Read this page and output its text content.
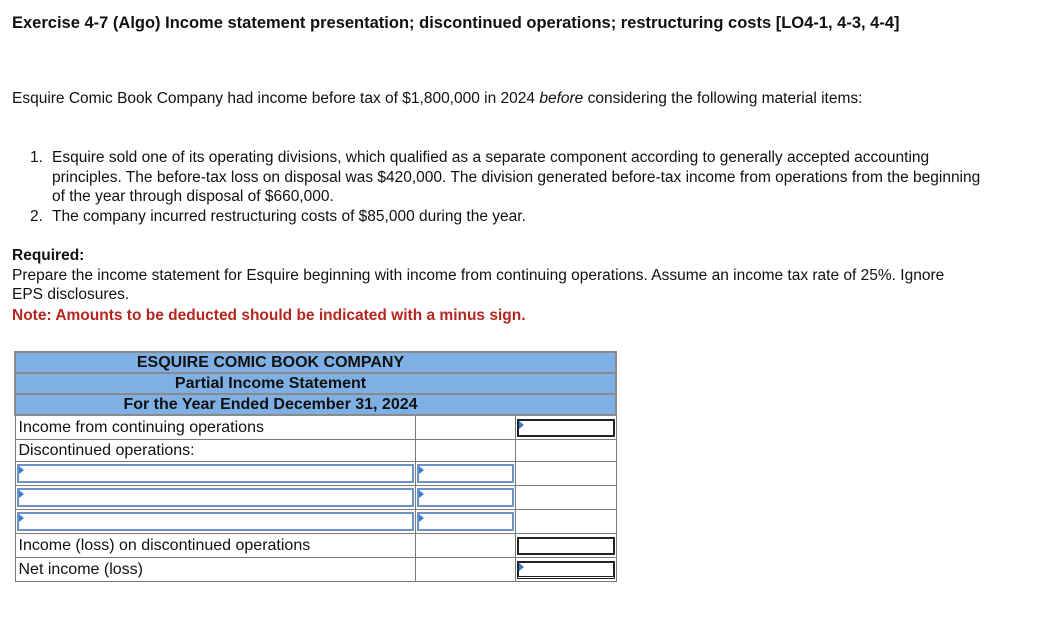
Exercise 4-7 (Algo) Income statement presentation; discontinued operations; restructuring costs [LO4-1, 4-3, 4-4]

Esquire Comic Book Company had income before tax of $1,800,000 in 2024 before considering the following material items:

1. Esquire sold one of its operating divisions, which qualified as a separate component according to generally accepted accounting principles. The before-tax loss on disposal was $420,000. The division generated before-tax income from operations from the beginning of the year through disposal of $660,000.
2. The company incurred restructuring costs of $85,000 during the year.

Required:
Prepare the income statement for Esquire beginning with income from continuing operations. Assume an income tax rate of 25%. Ignore EPS disclosures.

Note: Amounts to be deducted should be indicated with a minus sign.

ESQUIRE COMIC BOOK COMPANY		

Partial Income Statement		

For the Year Ended December 31, 2024		

Income from continuing operations		

Discontinued operations:		

Income (loss) on discontinued operations		

Net income (loss)		
